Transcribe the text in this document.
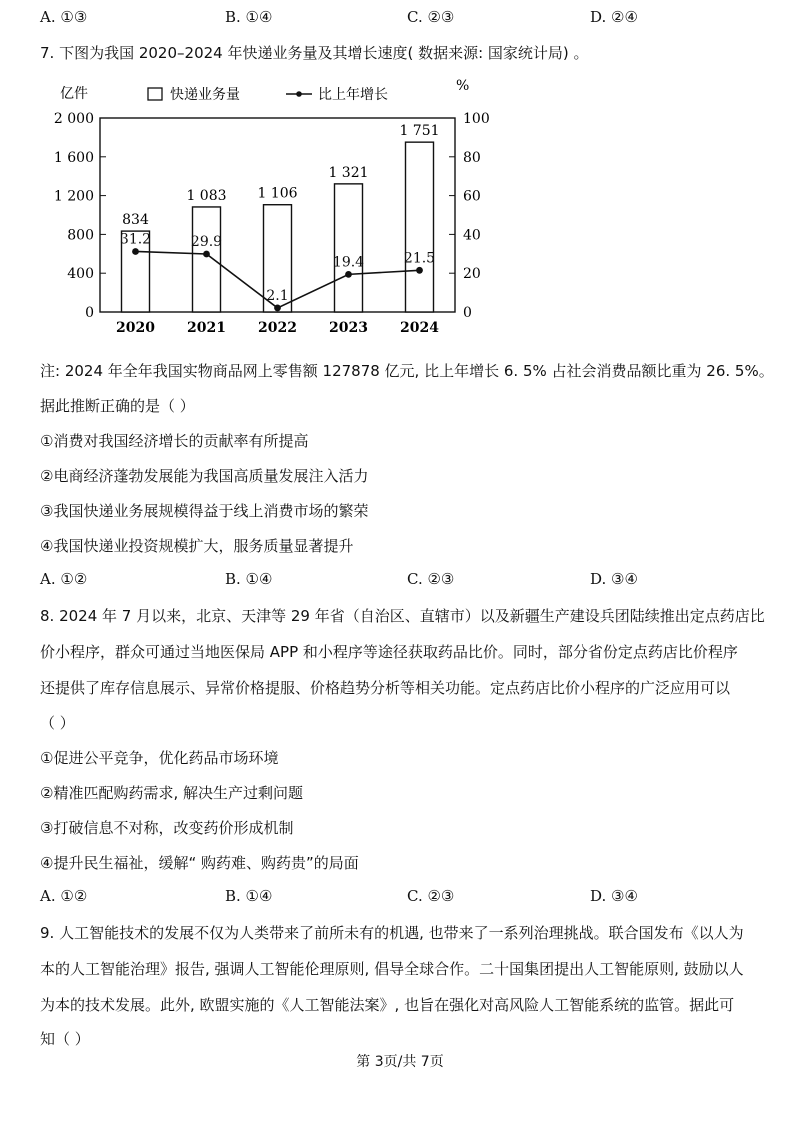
A. ①③	B. ①④	C. ②③	D. ②④
7. 下图为我国 2020–2024 年快递业务量及其增长速度( 数据来源: 国家统计局) 。
亿件
0
400
800
1 200
1 600
2 000
%
0
20
40
60
80
100
快递业务量	比上年增长
834
1 083 1 106
1 321
1 751
2020 2021 2022 2023 2024
31.2	29.9
2.1
19.4	21.5
注: 2024 年全年我国实物商品网上零售额 127878 亿元, 比上年增长 6. 5% 占社会消费品额比重为 26. 5%。
据此推断正确的是（ ）
①消费对我国经济增长的贡献率有所提高
②电商经济蓬勃发展能为我国高质量发展注入活力
③我国快递业务展规模得益于线上消费市场的繁荣
④我国快递业投资规模扩大，服务质量显著提升
A. ①②	B. ①④	C. ②③	D. ③④
8. 2024 年 7 月以来，北京、天津等 29 年省（自治区、直辖市）以及新疆生产建设兵团陆续推出定点药店比
价小程序，群众可通过当地医保局 APP 和小程序等途径获取药品比价。同时，部分省份定点药店比价程序
还提供了库存信息展示、异常价格提服、价格趋势分析等相关功能。定点药店比价小程序的广泛应用可以
（ ）
①促进公平竞争，优化药品市场环境
②精准匹配购药需求, 解决生产过剩问题
③打破信息不对称，改变药价形成机制
④提升民生福祉，缓解“ 购药难、购药贵”的局面
A. ①②	B. ①④	C. ②③	D. ③④
9. 人工智能技术的发展不仅为人类带来了前所未有的机遇, 也带来了一系列治理挑战。联合国发布《以人为
本的人工智能治理》报告, 强调人工智能伦理原则, 倡导全球合作。二十国集团提出人工智能原则, 鼓励以人
为本的技术发展。此外, 欧盟实施的《人工智能法案》, 也旨在强化对高风险人工智能系统的监管。据此可
知（ ）
第 3页/共 7页
